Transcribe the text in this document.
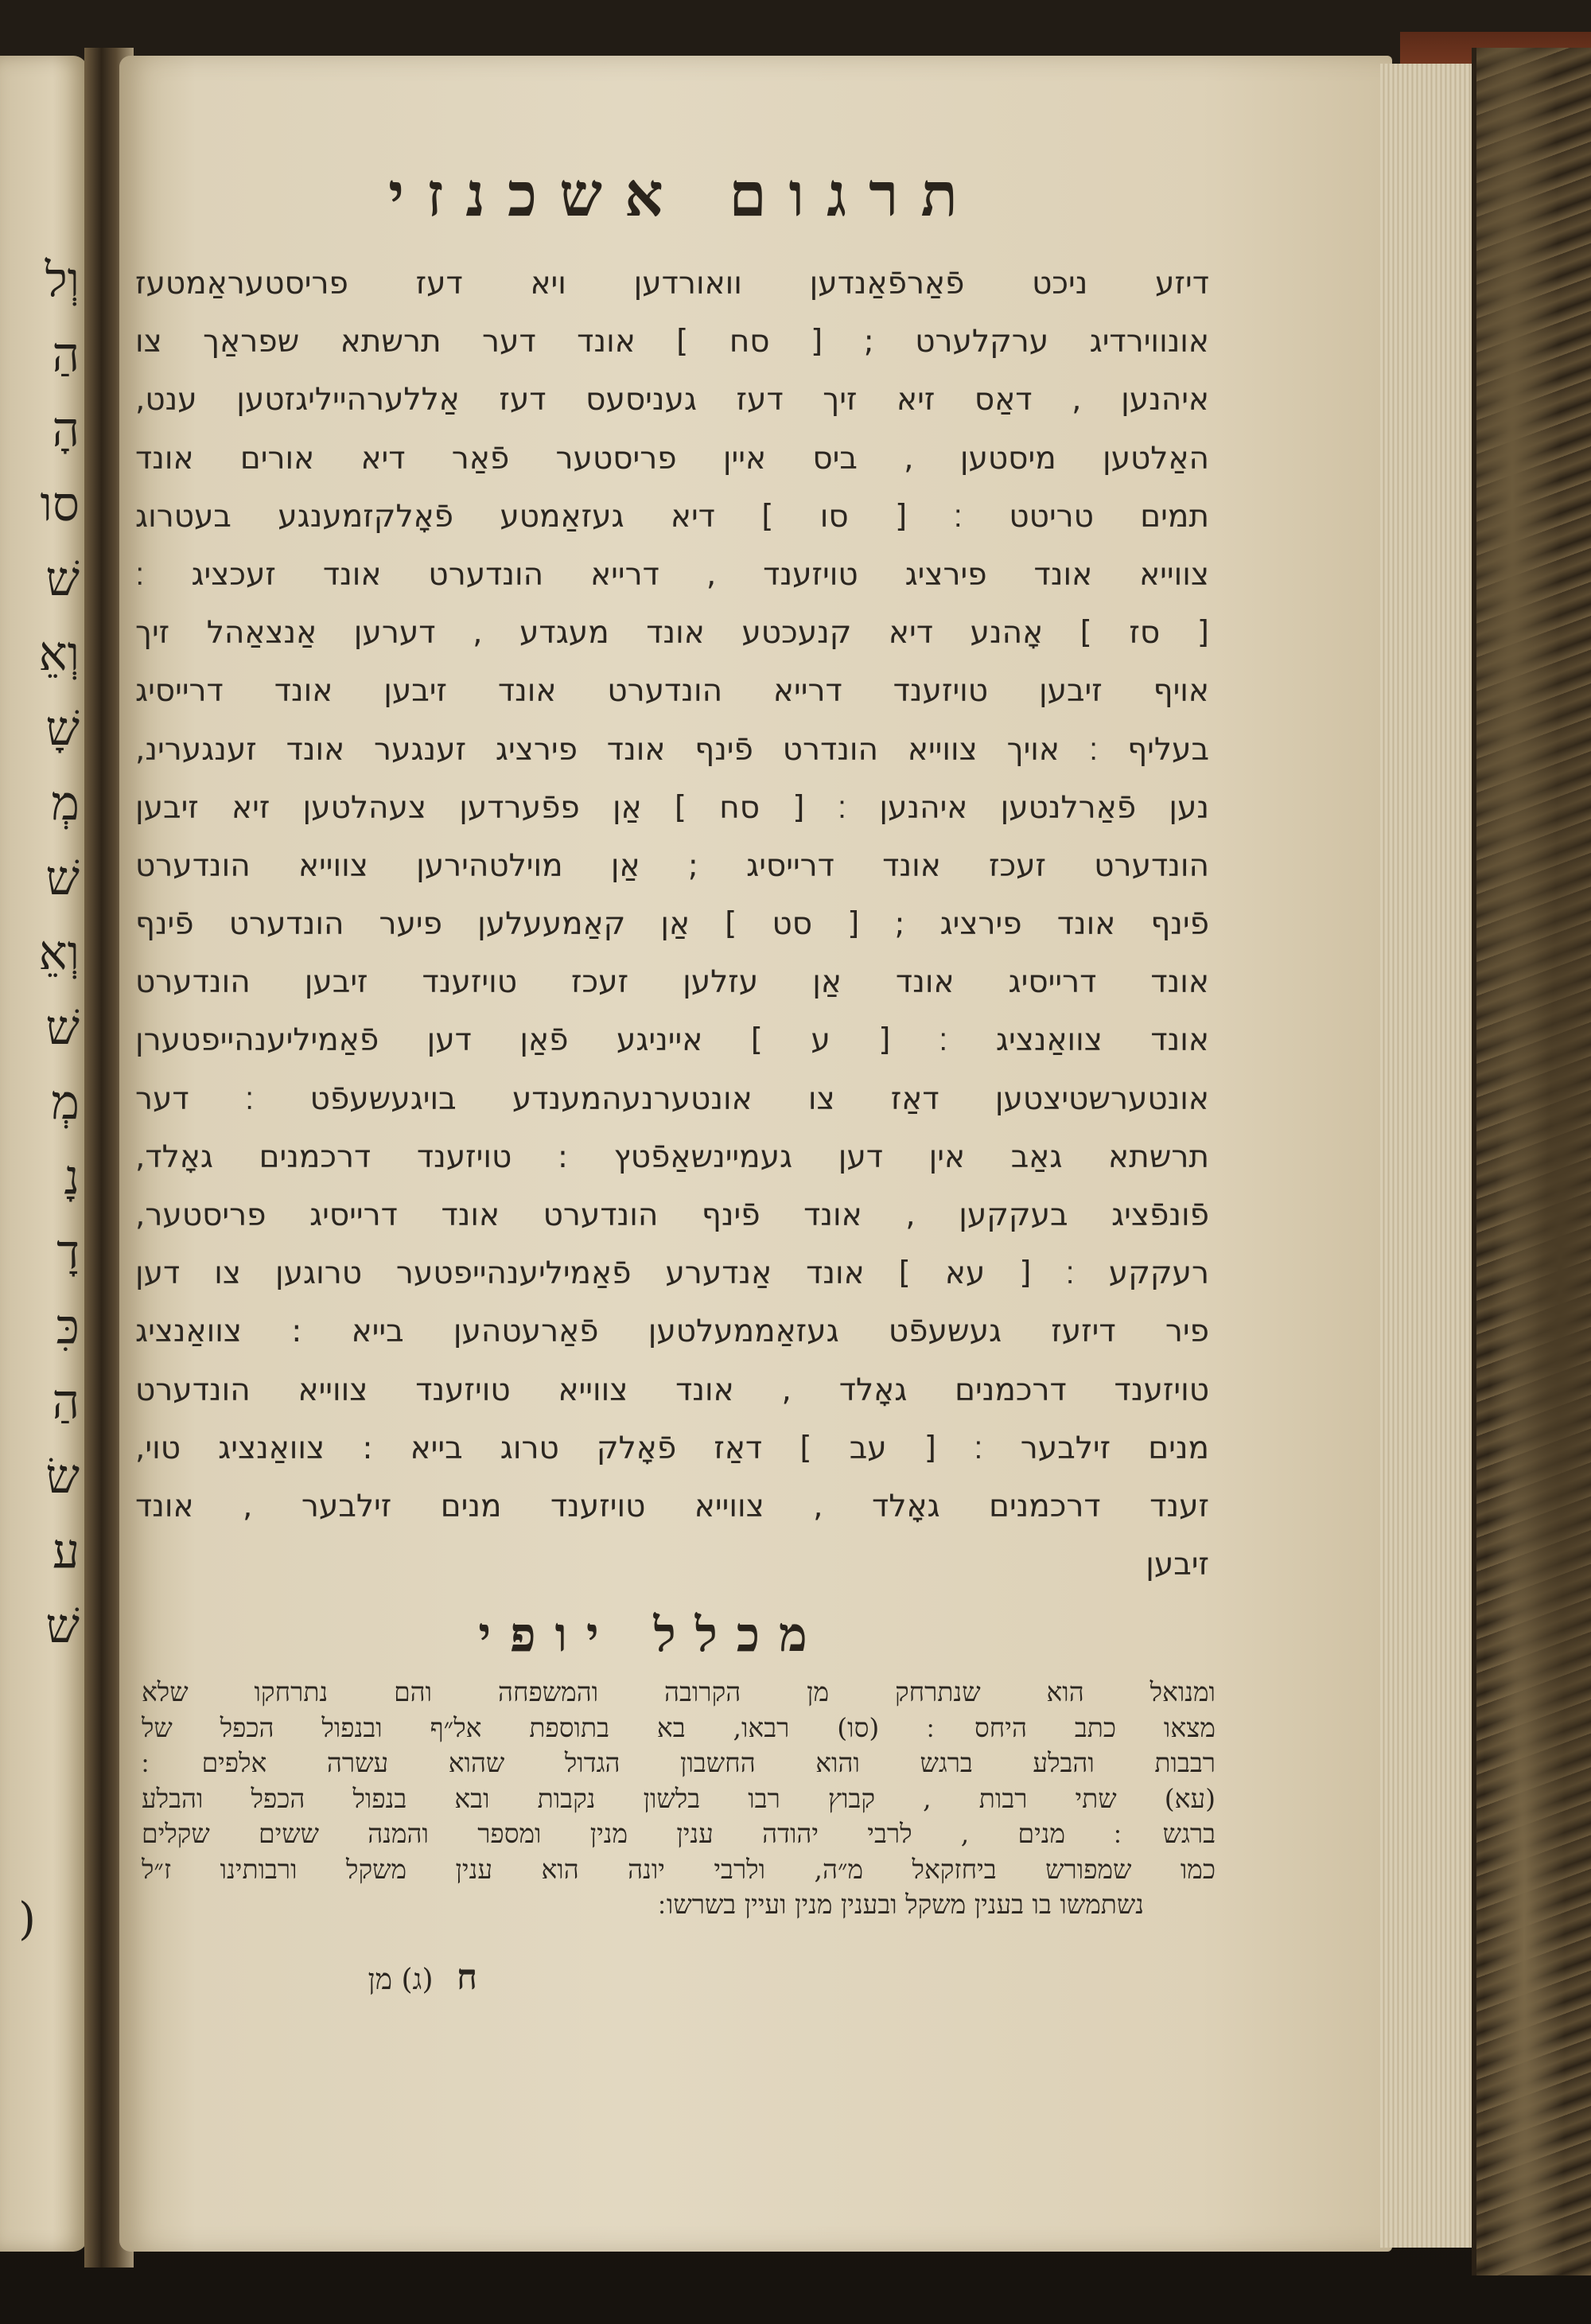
וְל
הַ
הָ
סו
שׁ
וְאֵ
שָׁ
מְ
שׁ
וְאֵ
שׁ
מְ
נָ
דָ
כִּ
הַ
שׂ
ע
שׁ
(
תרגום אשכנזי
דיזע ניכט פֿאַרפֿאַנדען וואורדען ויא דעז פריסטעראַמטעז
אונווירדיג ערקלערט ; [ סח ] אונד דער תרשתא שפראַך צו
איהנען , דאַס זיא זיך דעז געניסעס דעז אַללערהייליגזטען ענט,
האַלטען מיסטען , ביס איין פריסטער פֿאַר דיא אורים אונד
תמים טריטט ׃ [ סו ] דיא געזאַמטע פֿאָלקזמענגע בעטרוג
צווייא אונד פירציג טויזענד , דרייא הונדערט אונד זעכציג ׃
[ סז ] אָהנע דיא קנעכטע אונד מעגדע , דערען אַנצאַהל זיך
אויף זיבען טויזענד דרייא הונדערט אונד זיבען אונד דרייסיג
בעליף ׃ אויך צווייא הונדרט פֿינף אונד פירציג זענגער אונד זענגערינ,
נען פֿאַרלנטען איהנען ׃ [ סח ] אַן פפֿערדען צעהלטען זיא זיבען
הונדערט זעכז אונד דרייסיג ; אַן מוילטהירען צווייא הונדערט
פֿינף אונד פירציג ; [ סט ] אַן קאַמעעלען פיער הונדערט פֿינף
אונד דרייסיג אונד אַן עזלען זעכז טויזענד זיבען הונדערט
אונד צוואַנציג ׃ [ ע ] אייניגע פֿאַן דען פֿאַמיליענהייפטערן
אונטערשטיצטען דאַז צו אונטערנעהמענדע בויגעשעפֿט ׃ דער
תרשתא גאַב אין דען געמיינשאַפֿטץ : טויזענד דרכמנים גאָלד,
פֿונפֿציג בעקקען , אונד פֿינף הונדערט אונד דרייסיג פריסטער,
רעקקע ׃ [ עא ] אונד אַנדערע פֿאַמיליענהייפטער טרוגען צו דען
פיר דיזעז געשעפֿט געזאַממעלטען פֿאַרעטהען בייא : צוואַנציג
טויזענד דרכמנים גאָלד , אונד צווייא טויזענד צווייא הונדערט
מנים זילבער ׃ [ עב ] דאַז פֿאָלק טרוג בייא : צוואַנציג טוי,
זענד דרכמנים גאָלד , צווייא טויזענד מנים זילבער , אונד
זיבען
מכלל יופי
ומנואל הוא שנתרחק מן הקרובה והמשפחה והם נתרחקו שלא
מצאו כתב היחס ׃ (סו) רבאו, בא בתוספת אל״ף ובנפול הכפל של
רבבות והבלע ברגש והוא החשבון הגדול שהוא עשרה אלפים ׃
(עא) שתי רבות , קבוץ רבו בלשון נקבות ובא בנפול הכפל והבלע
ברגש ׃ מנים , לרבי יהודה ענין מנין ומספר והמנה ששים שקלים
כמו שמפורש ביחזקאל מ״ה, ולרבי יונה הוא ענין משקל ורבותינו ז״ל
נשתמשו בו בענין משקל ובענין מנין ועיין בשרשו ׃
ח (ג) מן
